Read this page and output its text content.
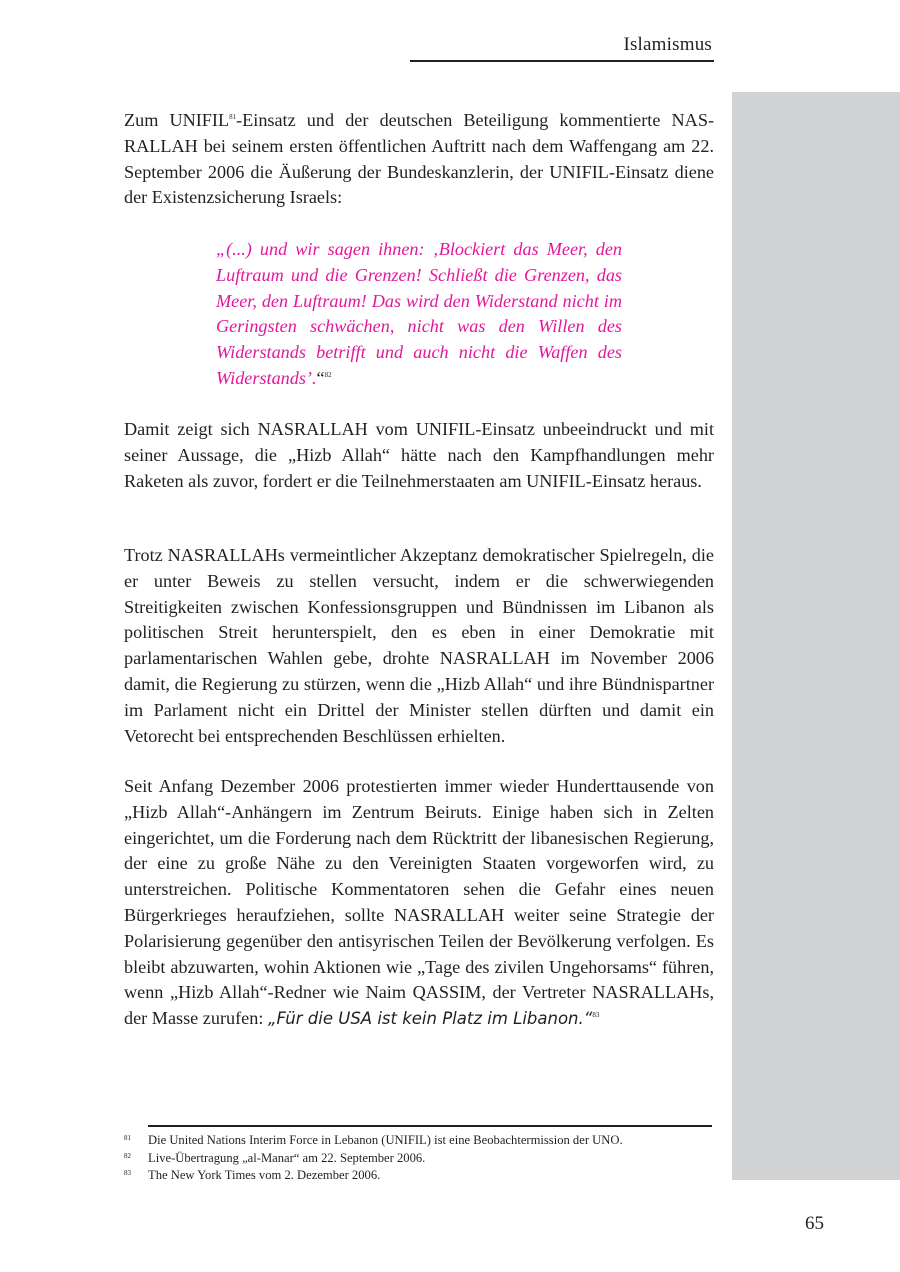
Islamismus

Zum UNIFIL$^{81}$-Einsatz und der deutschen Beteiligung kommentierte NASRALLAH bei seinem ersten öffentlichen Auftritt nach dem Waffengang am 22. September 2006 die Äußerung der Bundeskanzlerin, der UNIFIL-Einsatz diene der Existenzsicherung Israels:

„(...) und wir sagen ihnen: ‚Blockiert das Meer, den Luftraum und die Grenzen! Schließt die Grenzen, das Meer, den Luftraum! Das wird den Widerstand nicht im Geringsten schwächen, nicht was den Willen des Widerstands betrifft und auch nicht die Waffen des Widerstands’.“$^{82}$

Damit zeigt sich NASRALLAH vom UNIFIL-Einsatz unbeeindruckt und mit seiner Aussage, die „Hizb Allah“ hätte nach den Kampfhandlungen mehr Raketen als zuvor, fordert er die Teilnehmerstaaten am UNIFIL-Einsatz heraus.

Trotz NASRALLAHs vermeintlicher Akzeptanz demokratischer Spielregeln, die er unter Beweis zu stellen versucht, indem er die schwerwiegenden Streitigkeiten zwischen Konfessionsgruppen und Bündnissen im Libanon als politischen Streit herunterspielt, den es eben in einer Demokratie mit parlamentarischen Wahlen gebe, drohte NASRALLAH im November 2006 damit, die Regierung zu stürzen, wenn die „Hizb Allah“ und ihre Bündnispartner im Parlament nicht ein Drittel der Minister stellen dürften und damit ein Vetorecht bei entsprechenden Beschlüssen erhielten.

Seit Anfang Dezember 2006 protestierten immer wieder Hunderttausende von „Hizb Allah“-Anhängern im Zentrum Beiruts. Einige haben sich in Zelten eingerichtet, um die Forderung nach dem Rücktritt der libanesischen Regierung, der eine zu große Nähe zu den Vereinigten Staaten vorgeworfen wird, zu unterstreichen. Politische Kommentatoren sehen die Gefahr eines neuen Bürgerkrieges heraufziehen, sollte NASRALLAH weiter seine Strategie der Polarisierung gegenüber den antisyrischen Teilen der Bevölkerung verfolgen. Es bleibt abzuwarten, wohin Aktionen wie „Tage des zivilen Ungehorsams“ führen, wenn „Hizb Allah“-Redner wie Naim QASSIM, der Vertreter NASRALLAHs, der Masse zurufen: „Für die USA ist kein Platz im Libanon.“$^{83}$

81 Die United Nations Interim Force in Lebanon (UNIFIL) ist eine Beobachtermission der UNO.
82 Live-Übertragung „al-Manar“ am 22. September 2006.
83 The New York Times vom 2. Dezember 2006.
65
